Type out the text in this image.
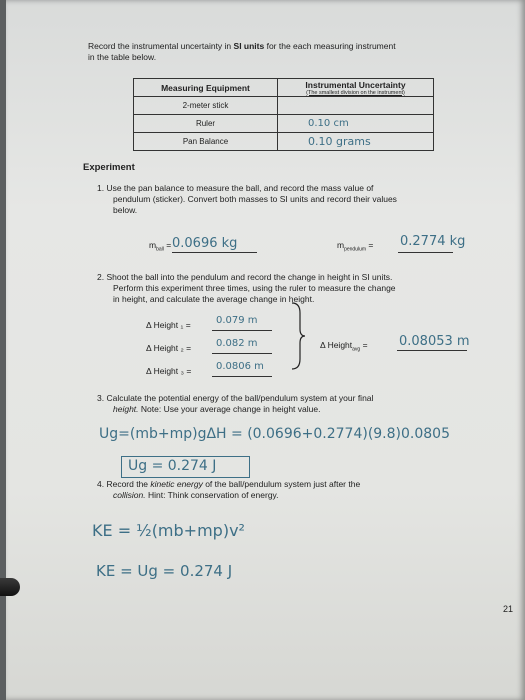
Record the instrumental uncertainty in SI units for the each measuring instrument
in the table below.
Measuring Equipment	Instrumental Uncertainty
(The smallest division on the instrument)

2-meter stick	
Ruler	0.10 cm
Pan Balance	0.10 grams
Experiment
1. Use the pan balance to measure the ball, and record the mass value of
pendulum (sticker). Convert both masses to SI units and record their values
below.
$m_{ball} = 0.0696$ kg	$m_{pendulum} = 0.2774$ kg
2. Shoot the ball into the pendulum and record the change in height in SI units.
Perform this experiment three times, using the ruler to measure the change
in height, and calculate the average change in height.
Δ Height ₁ =	0.079 m
Δ Height ₂ = 0.082 m
Δ Height ₃ = 0.0806 m
Δ Height$_{avg}$ = 0.08053 m
3. Calculate the potential energy of the ball/pendulum system at your final
height. Note: Use your average change in height value.
Ug=(mb+mp)gΔH = (0.0696+0.2774)(9.8)0.0805
Ug = 0.274 J
4. Record the kinetic energy of the ball/pendulum system just after the
collision. Hint: Think conservation of energy.
KE = ½(mb+mp)v²
KE = Ug = 0.274 J
21
